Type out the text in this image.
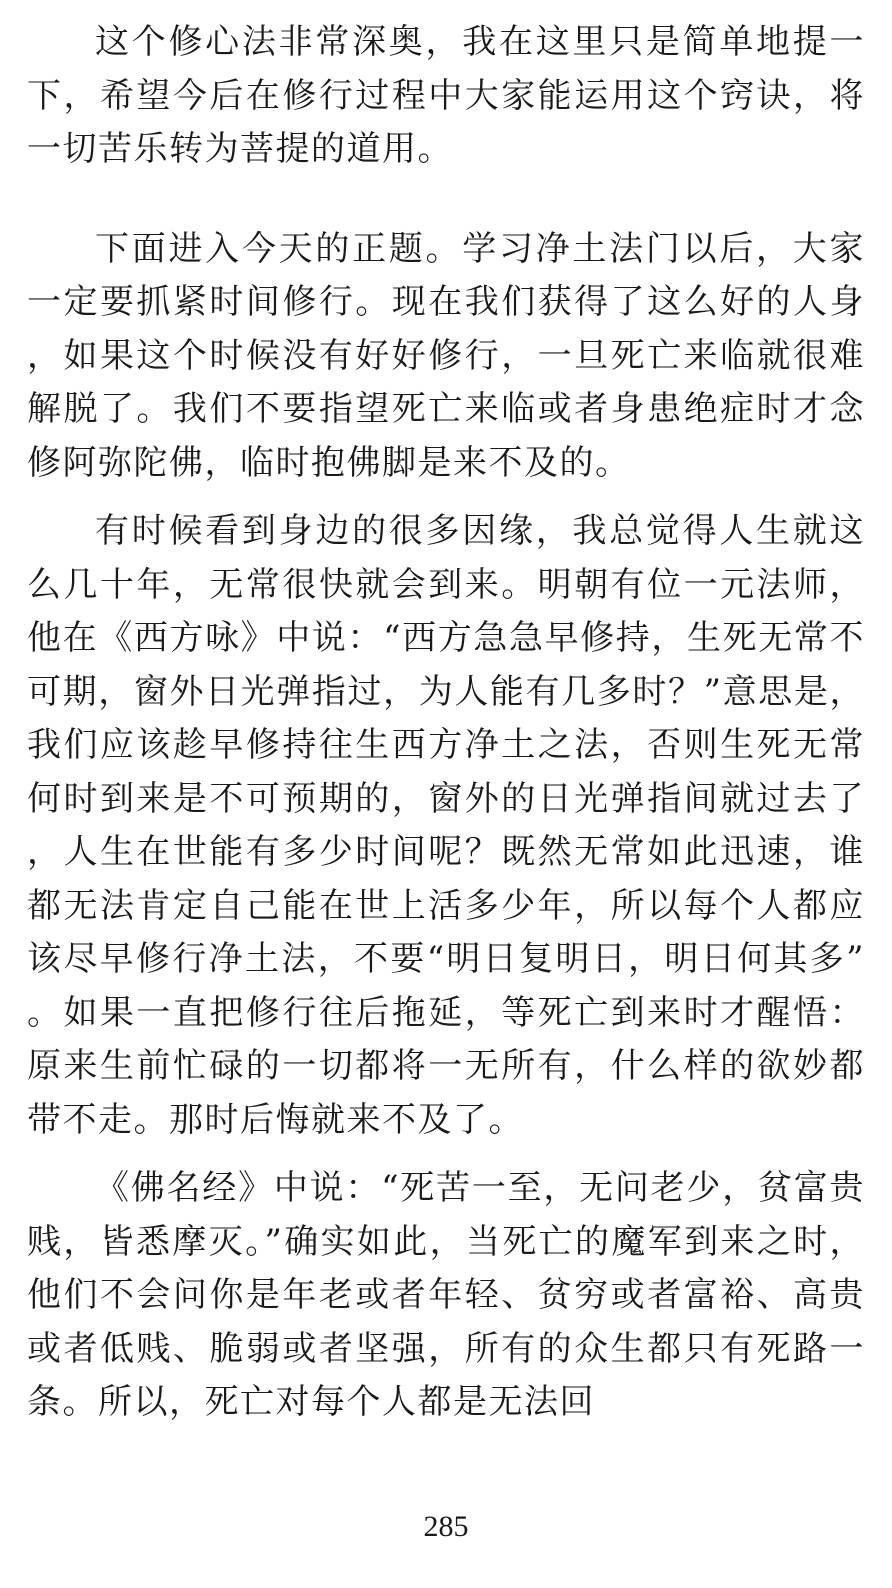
这个修心法非常深奥，我在这里只是简单地提一下，希望今后在修行过程中大家能运用这个窍诀，将一切苦乐转为菩提的道用。

下面进入今天的正题。学习净土法门以后，大家一定要抓紧时间修行。现在我们获得了这么好的人身，如果这个时候没有好好修行，一旦死亡来临就很难解脱了。我们不要指望死亡来临或者身患绝症时才念修阿弥陀佛，临时抱佛脚是来不及的。

有时候看到身边的很多因缘，我总觉得人生就这么几十年，无常很快就会到来。明朝有位一元法师，他在《西方咏》中说：“西方急急早修持，生死无常不可期，窗外日光弹指过，为人能有几多时？”意思是，我们应该趁早修持往生西方净土之法，否则生死无常何时到来是不可预期的，窗外的日光弹指间就过去了，人生在世能有多少时间呢？既然无常如此迅速，谁都无法肯定自己能在世上活多少年，所以每个人都应该尽早修行净土法，不要“明日复明日，明日何其多”。如果一直把修行往后拖延，等死亡到来时才醒悟：原来生前忙碌的一切都将一无所有，什么样的欲妙都带不走。那时后悔就来不及了。

《佛名经》中说：“死苦一至，无问老少，贫富贵贱，皆悉摩灭。”确实如此，当死亡的魔军到来之时，他们不会问你是年老或者年轻、贫穷或者富裕、高贵或者低贱、脆弱或者坚强，所有的众生都只有死路一条。所以，死亡对每个人都是无法回

285
